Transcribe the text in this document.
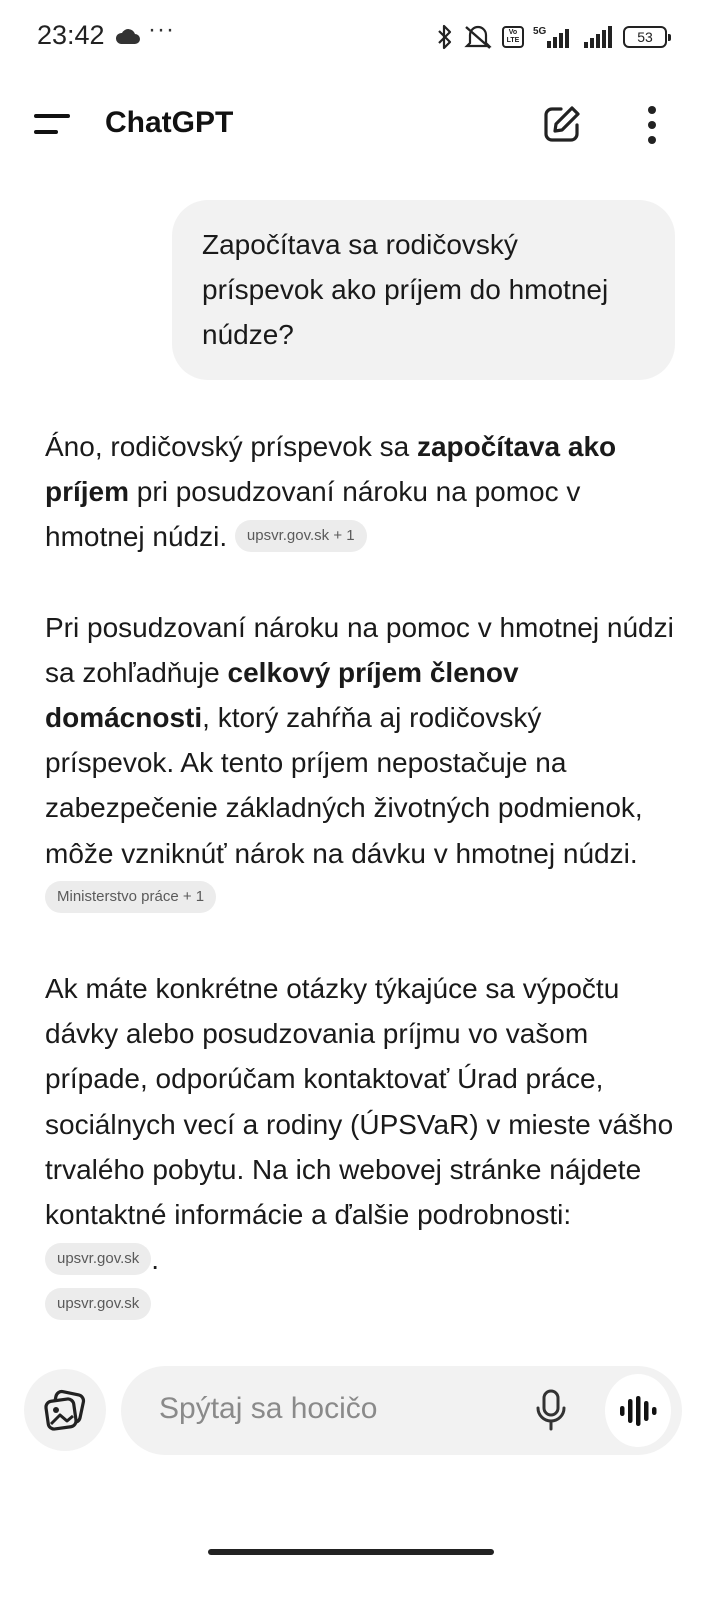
23:42 ···	Vo LTE
5G	53
ChatGPT
Započítava sa rodičovský príspevok ako príjem do hmotnej núdze?

Áno, rodičovský príspevok sa započítava ako príjem pri posudzovaní nároku na pomoc v hmotnej núdzi. upsvr.gov.sk + 1

Pri posudzovaní nároku na pomoc v hmotnej núdzi sa zohľadňuje celkový príjem členov domácnosti, ktorý zahŕňa aj rodičovský príspevok. Ak tento príjem nepostačuje na zabezpečenie základných životných podmienok, môže vzniknúť nárok na dávku v hmotnej núdzi. Ministerstvo práce + 1

Ak máte konkrétne otázky týkajúce sa výpočtu dávky alebo posudzovania príjmu vo vašom prípade, odporúčam kontaktovať Úrad práce, sociálnych vecí a rodiny (ÚPSVaR) v mieste vášho trvalého pobytu. Na ich webovej stránke nájdete kontaktné informácie a ďalšie podrobnosti: upsvr.gov.sk .
upsvr.gov.sk

Spýtaj sa hocičo
